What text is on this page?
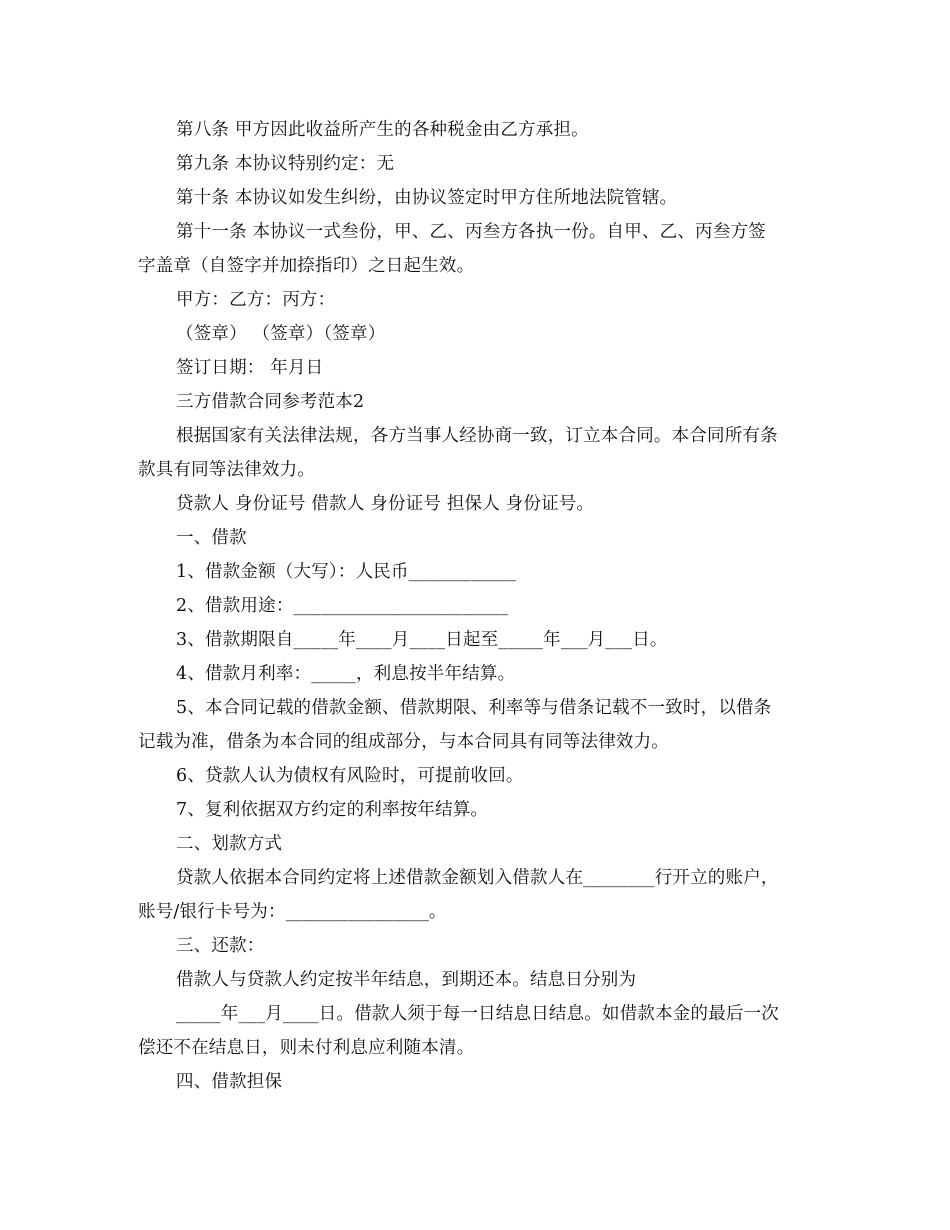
第八条 甲方因此收益所产生的各种税金由乙方承担。

第九条 本协议特别约定：无

第十条 本协议如发生纠纷，由协议签定时甲方住所地法院管辖。

第十一条 本协议一式叁份，甲、乙、丙叁方各执一份。自甲、乙、丙叁方签

字盖章（自签字并加捺指印）之日起生效。

甲方：乙方：丙方：

（签章） （签章）（签章）

签订日期： 年月日

三方借款合同参考范本2

根据国家有关法律法规，各方当事人经协商一致，订立本合同。本合同所有条

款具有同等法律效力。

贷款人 身份证号 借款人 身份证号 担保人 身份证号。

一、借款

1、借款金额（大写）：人民币____________

2、借款用途：________________________

3、借款期限自_____年____月____日起至_____年___月___日。

4、借款月利率：_____，利息按半年结算。

5、本合同记载的借款金额、借款期限、利率等与借条记载不一致时，以借条

记载为准，借条为本合同的组成部分，与本合同具有同等法律效力。

6、贷款人认为债权有风险时，可提前收回。

7、复利依据双方约定的利率按年结算。

二、划款方式

贷款人依据本合同约定将上述借款金额划入借款人在________行开立的账户，

账号/银行卡号为：________________。

三、还款：

借款人与贷款人约定按半年结息，到期还本。结息日分别为

_____年___月____日。借款人须于每一日结息日结息。如借款本金的最后一次

偿还不在结息日，则未付利息应利随本清。

四、借款担保
